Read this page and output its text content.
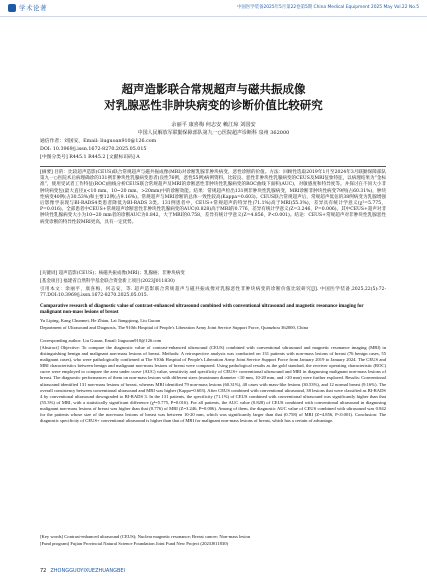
学术论著	中国医学装备2025年5月第22卷第5期 China Medical Equipment 2025 May Vol.22 No.5
超声造影联合常规超声与磁共振成像
对乳腺恶性非肿块病变的诊断价值比较研究
余丽平 康喜梅 何志安 赖江琼 刘国安
中国人民解放军联勤保障部队第九一○医院超声诊断科 泉州 362000
通信作者：刘国安，Email: liuguoan910@126.com
DOI: 10.3969/j.issn.1672-8270.2025.05.015
[中图分类号] R445.1 R445.2 [文献标识码] A
[摘要] 目的：比较超声造影(CEUS)联合常规超声与磁共振成像(MRI)对诊断乳腺非肿块病变，恶性诊断的价值。方法：回顾性选取2019年1月至2024年3月联勤保障部队第九一○医院术后病理确诊的131例非肿块性乳腺病变患者(良性76例，恶性55例)病例资料，比较良、恶性非肿块性乳腺病变的CEUS及MRI征象特征，以病理结果为“金标准”，使用受试者工作特征(ROC)曲线分析CEUS联合常规超声及MRI的诊断恶性非肿块性乳腺病变的ROC曲线下面积(AUC)，对敏感度和特异度等。并探讨在不同大小非肿块病变包(最大直径)(<10 mm、10~20 mm、>20mm)中的诊断效能。结果：常规超声检出131例非肿块性乳腺病变，MRI诊断非肿块性病变79例(占60.31%)，肿块性病变40例(占30.53%)和主要12例(占9.16%)。常规超声与MRI诊断的总体一致性较高(Kappa=0.603)。CEUS联合常规超声后，常规超声低估的38例病变为乳腺增强后影像学表现与BI-RADS4类患者降低为BI-RADS 3类。131例患者中，CEUS+常规超声的特异性(71.1%)高于MRI(55.3%)，差异具有统计学意义(χ²=5.775，P=0.016)。全部患者中CEUS+常规超声诊断恶性非肿块性乳腺病变的AUC(0.828)高于MRI的0.776，差异有统计学意义(Z=3.246，P=0.006)。其中CEUS+超声对非肿块性乳腺病变大小为10~20 mm者的诊断AUC为0.842，大于MRI的0.758，差异有统计学意义(Z=4.856，P<0.001)。结论：CEUS+常规超声对非肿块性乳腺恶性病变诊断的特异性较MRI更高，具有一定优势。
[关键词] 超声造影(CEUS)；核磁共振成像(MRI)；乳腺癌；非肿块病变
[基金项目] 福建省自然科学基金联合资金新上项目(2023J011830)
引用本文：余丽平，康喜梅，何志安，等. 超声造影联合常规超声与磁共振成像对乳腺恶性非肿块病变的诊断价值比较研究[J]. 中国医学装备,2025,22(5):72-77.DOI:10.3969/j.issn.1672-8270.2025.05.015.
Comparative research of diagnostic value of contrast-enhanced ultrasound combined with conventional ultrasound and magnetic resonance imaging for malignant non-mass lesions of breast
Yu Liping, Kang Chunmei, He Zhian, Lai Jiangqiong, Liu Guoan
Department of Ultrasound and Diagnosis, The 910th Hospital of People's Liberation Army Joint Service Support Force, Quanzhou 362000, China
Corresponding author: Liu Guoan, Email: liuguoan910@126.com
[Abstract] Objective: To compare the diagnostic value of contrast-enhanced ultrasound (CEUS) combined with conventional ultrasound and magnetic resonance imaging (MRI) in distinguishing benign and malignant non-mass lesions of breast. Methods: A retrospective analysis was conducted on 131 patients with non-mass lesions of breast (76 benign cases, 55 malignant cases), who were pathologically confirmed at The 910th Hospital of People's Liberation Army Joint Service Support Force from January 2019 to January 2024. The CEUS and MRI characteristics between benign and malignant non-mass lesions of breast were compared. Using pathological results as the gold standard, the receiver operating characteristic (ROC) curve were employed to compare the area under curve (AUC) value, sensitivity and specificity of CEUS+ conventional ultrasound and MRI in diagnosing malignant non-mass lesions of breast. The diagnostic performances of them on non-mass lesions with different sizes (maximum diameter <10 mm, 10-20 mm, and >20 mm) were further explored. Results: Conventional ultrasound identified 131 non-mass lesions of breast, whereas MRI identified 79 non-mass lesions (60.31%), 40 cases with mass-like lesions (30.53%), and 12 normal breast (9.16%). The overall consistency between conventional ultrasound and MRI was higher (Kappa=0.603). After CEUS combined with conventional ultrasound, 38 lesions that were classified as BI-RADS 4 by conventional ultrasound downgraded to BI-RADS 3. In the 131 patients, the specificity (71.1%) of CEUS combined with conventional ultrasound was significantly higher than that (55.3%) of MRI, with a statistically significant difference (χ²=5.775, P=0.016). For all patients, the AUC value (0.828) of CEUS combined with conventional ultrasound in diagnosing malignant non-mass lesions of breast was higher than that (0.776) of MRI (Z=3.246, P=0.006). Among of them, the diagnostic AUC value of CEUS combined with ultrasound was 0.842 for the patients whose size of the non-mass lesions of breast was between 10-20 mm, which was significantly larger than that (0.758) of MRI (Z=4.856, P<0.001). Conclusion: The diagnostic specificity of CEUS+ conventional ultrasound is higher than that of MRI for malignant non-mass lesions of breast, which has a certain of advantage.
[Key words] Contrast-enhanced ultrasound (CEUS); Nuclear magnetic resonance; Breast cancer; Non-mass lesion
[Fund program] Fujian Provincial Natural Science Foundation Joint Fund New Project (2023J011830)
72 ZHONGGUOYIXUEZHUANGBEI
